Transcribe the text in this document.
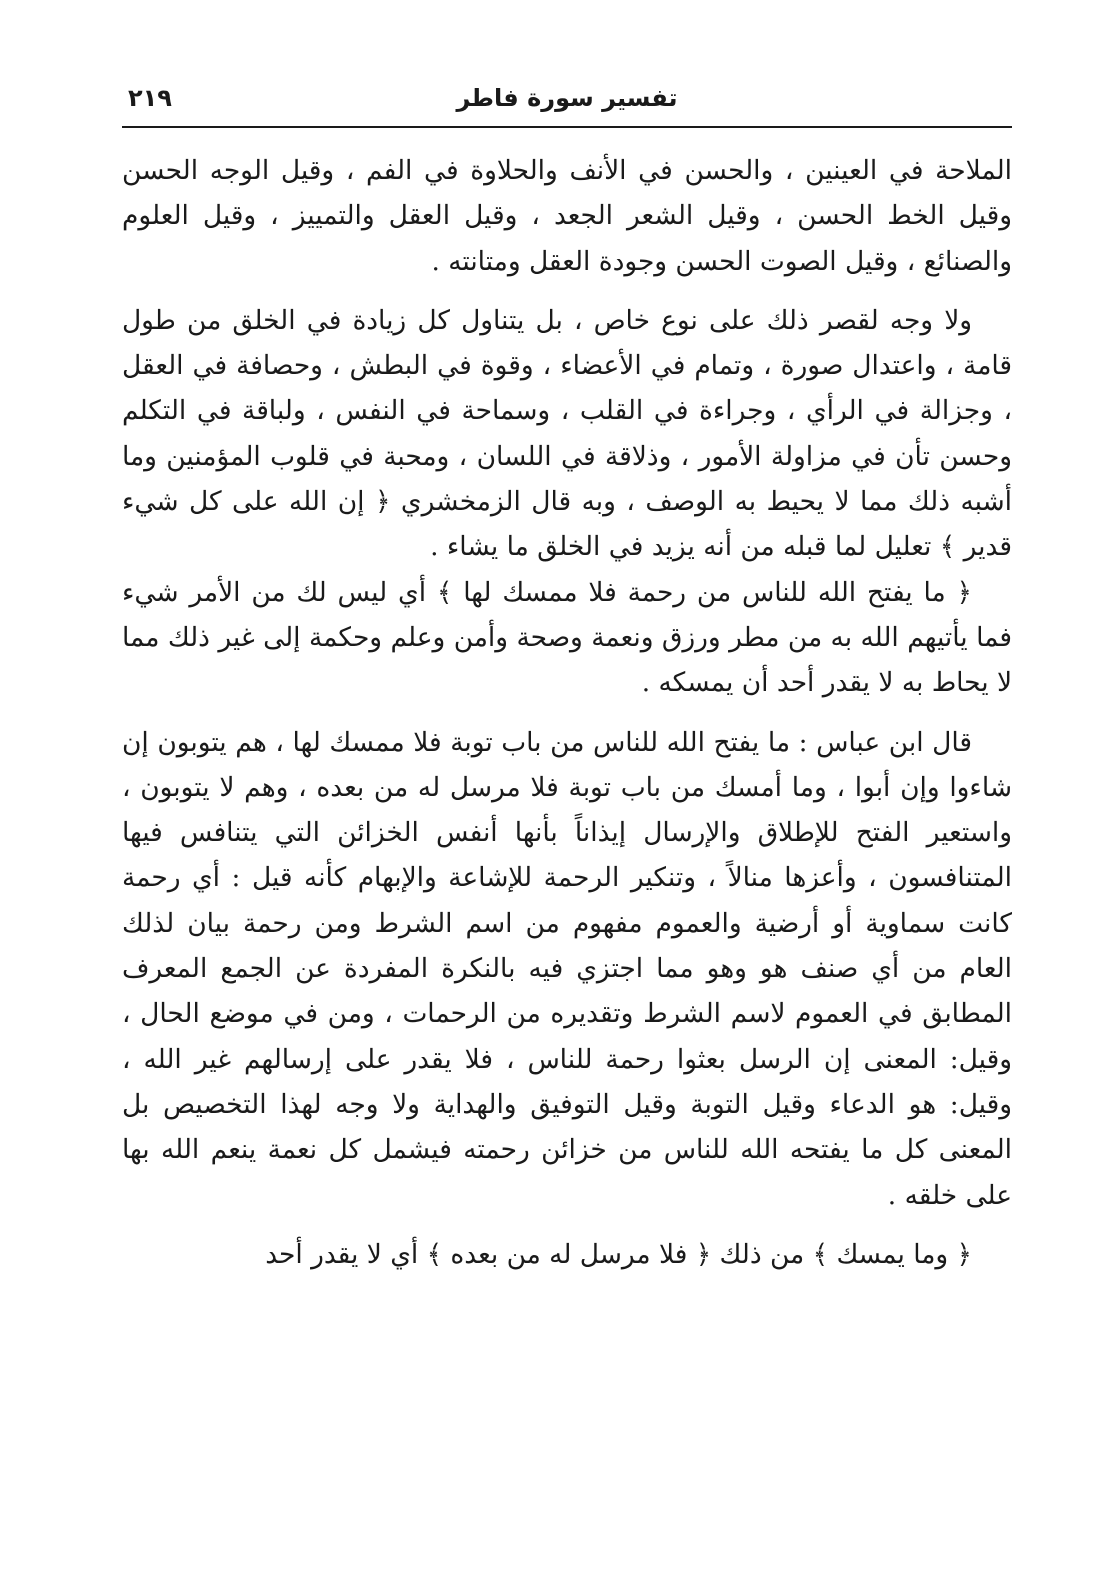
تفسير سورة فاطر
٢١٩

الملاحة في العينين ، والحسن في الأنف والحلاوة في الفم ، وقيل الوجه الحسن وقيل الخط الحسن ، وقيل الشعر الجعد ، وقيل العقل والتمييز ، وقيل العلوم والصنائع ، وقيل الصوت الحسن وجودة العقل ومتانته .

ولا وجه لقصر ذلك على نوع خاص ، بل يتناول كل زيادة في الخلق من طول قامة ، واعتدال صورة ، وتمام في الأعضاء ، وقوة في البطش ، وحصافة في العقل ، وجزالة في الرأي ، وجراءة في القلب ، وسماحة في النفس ، ولباقة في التكلم وحسن تأن في مزاولة الأمور ، وذلاقة في اللسان ، ومحبة في قلوب المؤمنين وما أشبه ذلك مما لا يحيط به الوصف ، وبه قال الزمخشري ﴿ إن الله على كل شيء قدير ﴾ تعليل لما قبله من أنه يزيد في الخلق ما يشاء .

﴿ ما يفتح الله للناس من رحمة فلا ممسك لها ﴾ أي ليس لك من الأمر شيء فما يأتيهم الله به من مطر ورزق ونعمة وصحة وأمن وعلم وحكمة إلى غير ذلك مما لا يحاط به لا يقدر أحد أن يمسكه .

قال ابن عباس : ما يفتح الله للناس من باب توبة فلا ممسك لها ، هم يتوبون إن شاءوا وإن أبوا ، وما أمسك من باب توبة فلا مرسل له من بعده ، وهم لا يتوبون ، واستعير الفتح للإطلاق والإرسال إيذاناً بأنها أنفس الخزائن التي يتنافس فيها المتنافسون ، وأعزها منالاً ، وتنكير الرحمة للإشاعة والإبهام كأنه قيل : أي رحمة كانت سماوية أو أرضية والعموم مفهوم من اسم الشرط ومن رحمة بيان لذلك العام من أي صنف هو وهو مما اجتزي فيه بالنكرة المفردة عن الجمع المعرف المطابق في العموم لاسم الشرط وتقديره من الرحمات ، ومن في موضع الحال ، وقيل: المعنى إن الرسل بعثوا رحمة للناس ، فلا يقدر على إرسالهم غير الله ، وقيل: هو الدعاء وقيل التوبة وقيل التوفيق والهداية ولا وجه لهذا التخصيص بل المعنى كل ما يفتحه الله للناس من خزائن رحمته فيشمل كل نعمة ينعم الله بها على خلقه .

﴿ وما يمسك ﴾ من ذلك ﴿ فلا مرسل له من بعده ﴾ أي لا يقدر أحد
